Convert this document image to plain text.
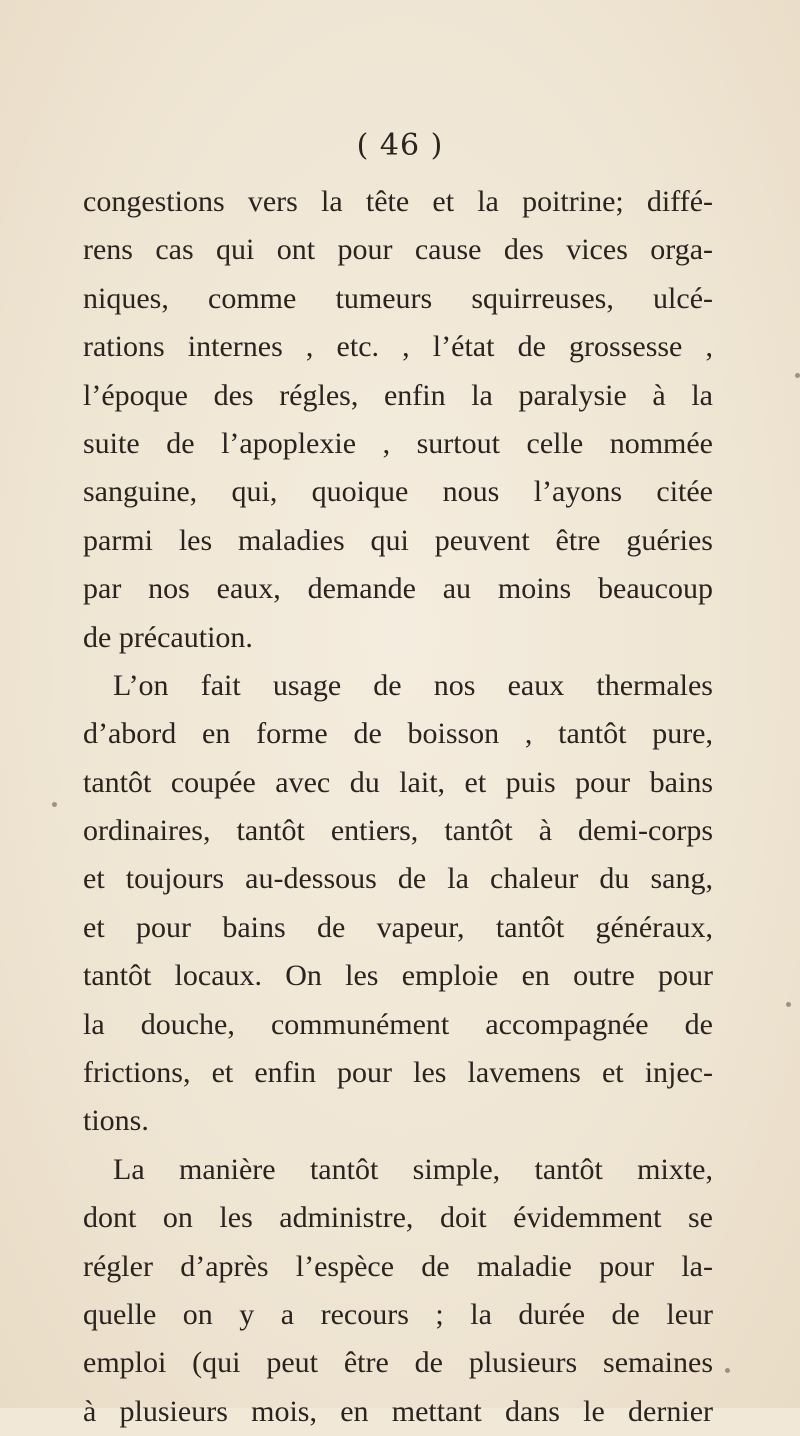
( 46 )
congestions vers la tête et la poitrine; diffé-
rens cas qui ont pour cause des vices orga-
niques, comme tumeurs squirreuses, ulcé-
rations internes , etc. , l’état de grossesse ,
l’époque des régles, enfin la paralysie à la
suite de l’apoplexie , surtout celle nommée
sanguine, qui, quoique nous l’ayons citée
parmi les maladies qui peuvent être guéries
par nos eaux, demande au moins beaucoup
de précaution.
L’on fait usage de nos eaux thermales
d’abord en forme de boisson , tantôt pure,
tantôt coupée avec du lait, et puis pour bains
ordinaires, tantôt entiers, tantôt à demi-corps
et toujours au-dessous de la chaleur du sang,
et pour bains de vapeur, tantôt généraux,
tantôt locaux. On les emploie en outre pour
la douche, communément accompagnée de
frictions, et enfin pour les lavemens et injec-
tions.
La manière tantôt simple, tantôt mixte,
dont on les administre, doit évidemment se
régler d’après l’espèce de maladie pour la-
quelle on y a recours ; la durée de leur
emploi (qui peut être de plusieurs semaines
à plusieurs mois, en mettant dans le dernier
